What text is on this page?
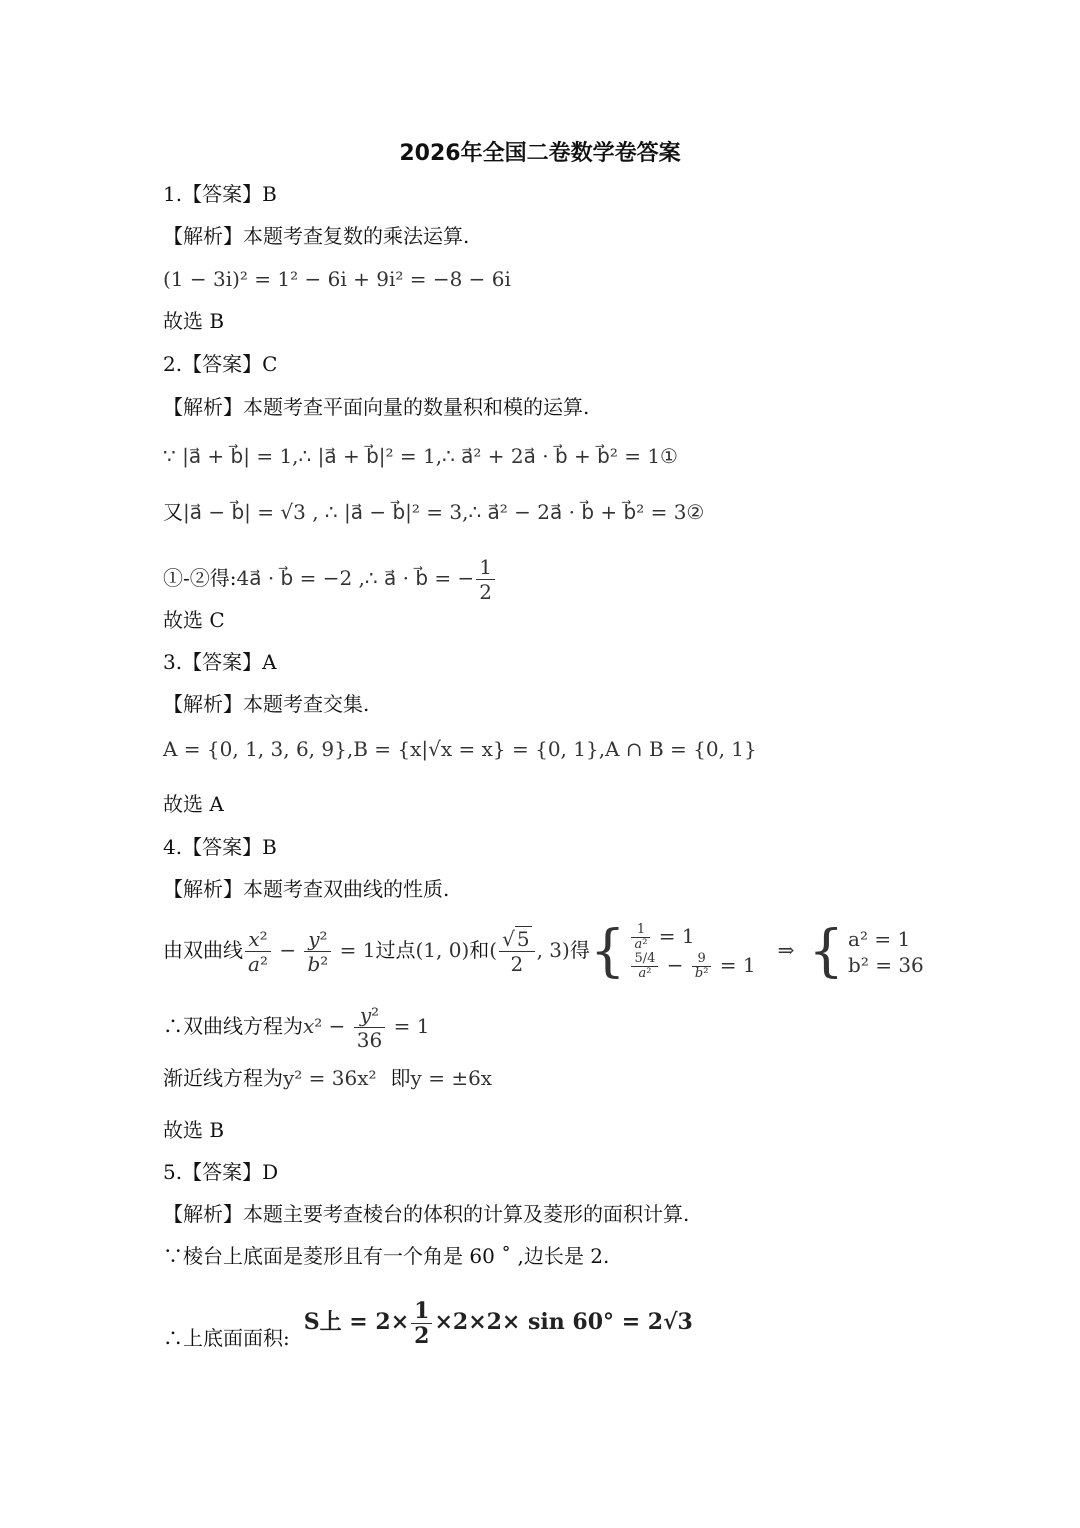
2026年全国二卷数学卷答案
1.【答案】B
【解析】本题考查复数的乘法运算.
(1 − 3i)² = 1² − 6i + 9i² = −8 − 6i
故选 B
2.【答案】C
【解析】本题考查平面向量的数量积和模的运算.
∵ |a⃗ + b⃗| = 1,∴ |a⃗ + b⃗|² = 1,∴ a⃗² + 2a⃗ · b⃗ + b⃗² = 1①
又|a⃗ − b⃗| = √3 , ∴ |a⃗ − b⃗|² = 3,∴ a⃗² − 2a⃗ · b⃗ + b⃗² = 3②
①-②得:4a⃗ · b⃗ = −2 ,∴ a⃗ · b⃗ = − $\frac{1}{2}$
故选 C
3.【答案】A
【解析】本题考查交集.
A = {0, 1, 3, 6, 9},B = {x|√x = x} = {0, 1},A ∩ B = {0, 1}
故选 A
4.【答案】B
【解析】本题考查双曲线的性质.
由双曲线 $\frac{\text{x²}}{\text{a²}} - \frac{\text{y²}}{\text{b²}} = 1$过点(1, 0)和( $\frac{√ 5}{2}$ , 3)得{ $\frac{1}{\text{a²}} = 1$
$\frac{5/4}{\text{a²}} - \frac{9}{\text{b²}} = 1$
⇒ { a² = 1
b² = 36
∴双曲线方程为$x^2 - \frac{\text{y²}}{36} = 1$
渐近线方程为y² = 36x² 即y = ±6x
故选 B
5.【答案】D
【解析】本题主要考查棱台的体积的计算及菱形的面积计算.
∵棱台上底面是菱形且有一个角是 60 ˚ ,边长是 2.
∴上底面面积:S上 = $2\times \frac{1}{2} \times 2\times 2\times \sin 60^\circ = 2√3$
